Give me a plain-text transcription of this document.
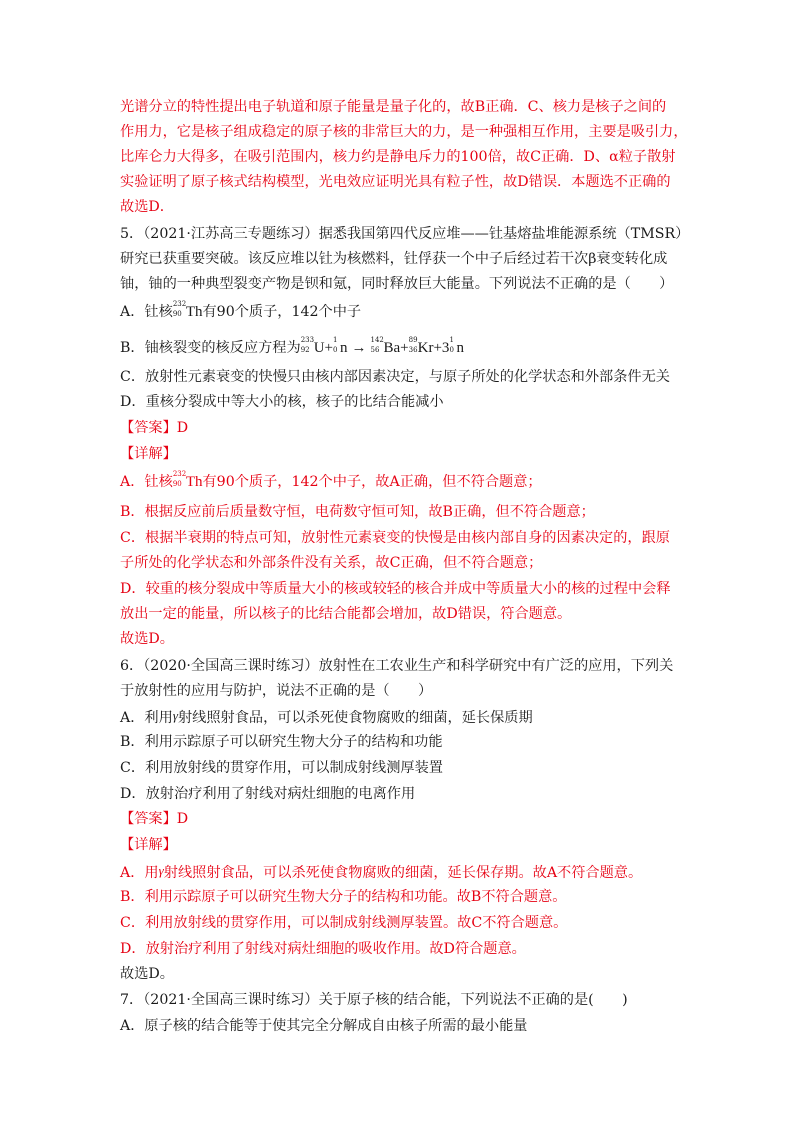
光谱分立的特性提出电子轨道和原子能量是量子化的，故B正确．C、核力是核子之间的
作用力，它是核子组成稳定的原子核的非常巨大的力，是一种强相互作用，主要是吸引力，
比库仑力大得多，在吸引范围内，核力约是静电斥力的100倍，故C正确．D、α粒子散射
实验证明了原子核式结构模型，光电效应证明光具有粒子性，故D错误．本题选不正确的
故选D．
5．（2021·江苏高三专题练习）据悉我国第四代反应堆——钍基熔盐堆能源系统（TMSR）
研究已获重要突破。该反应堆以钍为核燃料，钍俘获一个中子后经过若干次β衰变转化成
铀，铀的一种典型裂变产物是钡和氪，同时释放巨大能量。下列说法不正确的是（　　）
A．钍核 232
90 Th有90个质子，142个中子
B．铀核裂变的核反应方程为 233
92 U+ 1
0 n → 142
56 Ba+ 89
36 Kr+3 1
0 n
C．放射性元素衰变的快慢只由核内部因素决定，与原子所处的化学状态和外部条件无关
D．重核分裂成中等大小的核，核子的比结合能减小
【答案】D
【详解】
A．钍核 232
90 Th有90个质子，142个中子，故A正确，但不符合题意；
B．根据反应前后质量数守恒，电荷数守恒可知，故B正确，但不符合题意；
C．根据半衰期的特点可知，放射性元素衰变的快慢是由核内部自身的因素决定的，跟原
子所处的化学状态和外部条件没有关系，故C正确，但不符合题意；
D．较重的核分裂成中等质量大小的核或较轻的核合并成中等质量大小的核的过程中会释
放出一定的能量，所以核子的比结合能都会增加，故D错误，符合题意。
故选D。
6．（2020·全国高三课时练习）放射性在工农业生产和科学研究中有广泛的应用，下列关
于放射性的应用与防护，说法不正确的是（　　）
A．利用γ射线照射食品，可以杀死使食物腐败的细菌，延长保质期
B．利用示踪原子可以研究生物大分子的结构和功能
C．利用放射线的贯穿作用，可以制成射线测厚装置
D．放射治疗利用了射线对病灶细胞的电离作用
【答案】D
【详解】
A．用γ射线照射食品，可以杀死使食物腐败的细菌，延长保存期。故A不符合题意。
B．利用示踪原子可以研究生物大分子的结构和功能。故B不符合题意。
C．利用放射线的贯穿作用，可以制成射线测厚装置。故C不符合题意。
D．放射治疗利用了射线对病灶细胞的吸收作用。故D符合题意。
故选D。
7．（2021·全国高三课时练习）关于原子核的结合能，下列说法不正确的是(　　)
A．原子核的结合能等于使其完全分解成自由核子所需的最小能量
